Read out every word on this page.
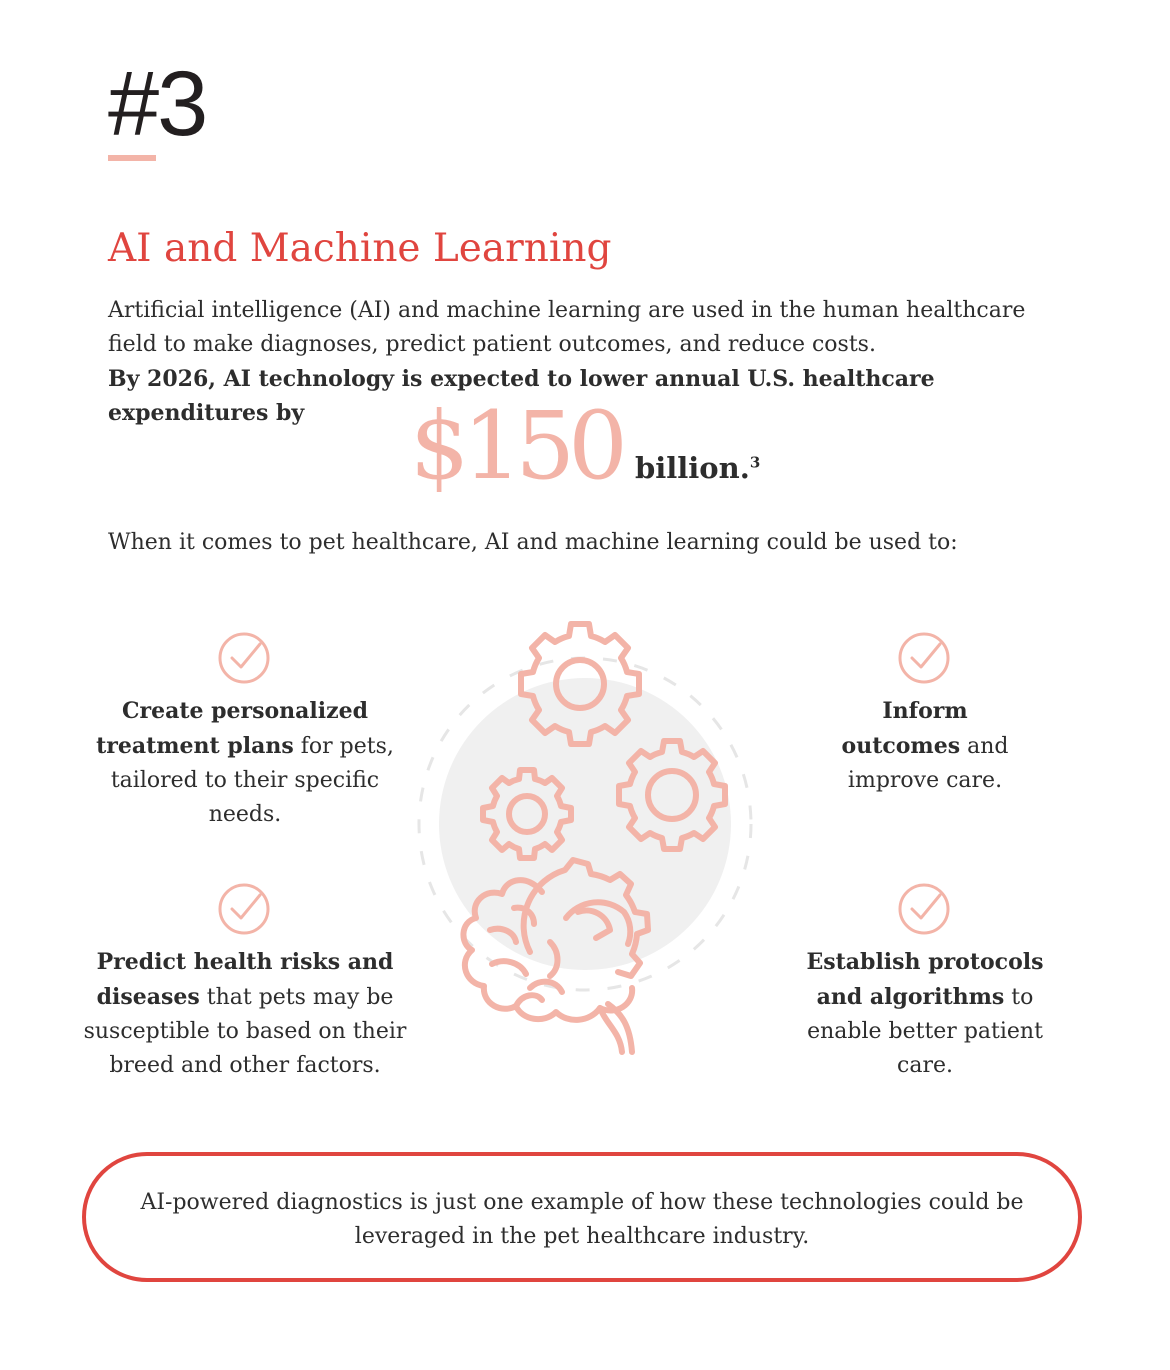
#3
AI and Machine Learning

Artificial intelligence (AI) and machine learning are used in the human healthcare field to make diagnoses, predict patient outcomes, and reduce costs.

By 2026, AI technology is expected to lower annual U.S. healthcare expenditures by	$150 billion.$^3$
When it comes to pet healthcare, AI and machine learning could be used to:
Create personalized treatment plans for pets, tailored to their specific needs.
Predict health risks and diseases that pets may be susceptible to based on their breed and other factors.
Inform outcomes and improve care.
Establish protocols and algorithms to enable better patient care.
AI-powered diagnostics is just one example of how these technologies could be leveraged in the pet healthcare industry.
